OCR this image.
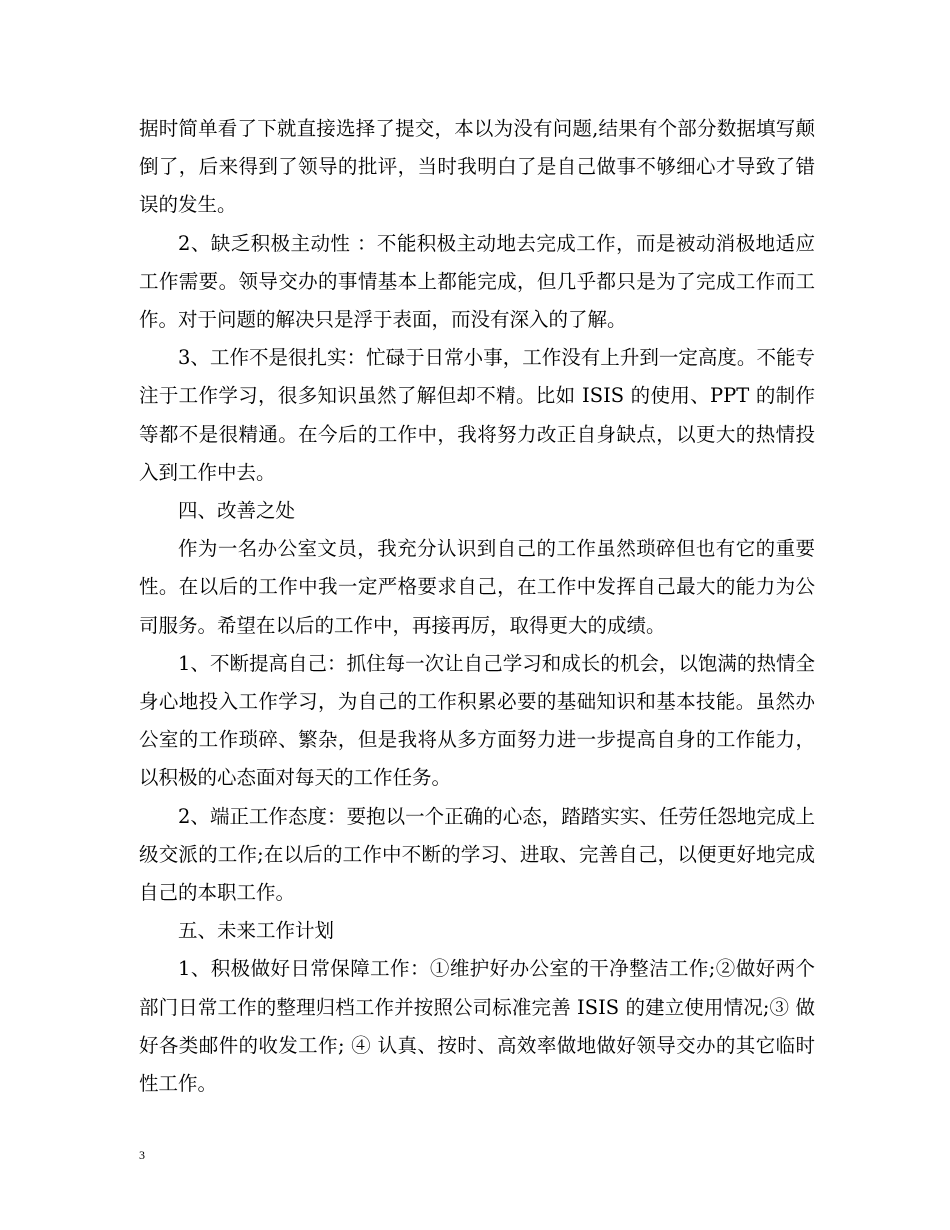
据时简单看了下就直接选择了提交，本以为没有问题,结果有个部分数据填写颠倒了，后来得到了领导的批评，当时我明白了是自己做事不够细心才导致了错误的发生。

2、缺乏积极主动性 ：不能积极主动地去完成工作，而是被动消极地适应工作需要。领导交办的事情基本上都能完成，但几乎都只是为了完成工作而工作。对于问题的解决只是浮于表面，而没有深入的了解。

3、工作不是很扎实：忙碌于日常小事，工作没有上升到一定高度。不能专注于工作学习，很多知识虽然了解但却不精。比如 ISIS 的使用、PPT 的制作等都不是很精通。在今后的工作中，我将努力改正自身缺点，以更大的热情投入到工作中去。

四、改善之处

作为一名办公室文员，我充分认识到自己的工作虽然琐碎但也有它的重要性。在以后的工作中我一定严格要求自己，在工作中发挥自己最大的能力为公司服务。希望在以后的工作中，再接再厉，取得更大的成绩。

1、不断提高自己：抓住每一次让自己学习和成长的机会，以饱满的热情全身心地投入工作学习，为自己的工作积累必要的基础知识和基本技能。虽然办公室的工作琐碎、繁杂，但是我将从多方面努力进一步提高自身的工作能力，以积极的心态面对每天的工作任务。

2、端正工作态度：要抱以一个正确的心态，踏踏实实、任劳任怨地完成上级交派的工作;在以后的工作中不断的学习、进取、完善自己，以便更好地完成自己的本职工作。

五、未来工作计划

1、积极做好日常保障工作：①维护好办公室的干净整洁工作;②做好两个部门日常工作的整理归档工作并按照公司标准完善 ISIS 的建立使用情况;③ 做好各类邮件的收发工作; ④ 认真、按时、高效率做地做好领导交办的其它临时性工作。

3
